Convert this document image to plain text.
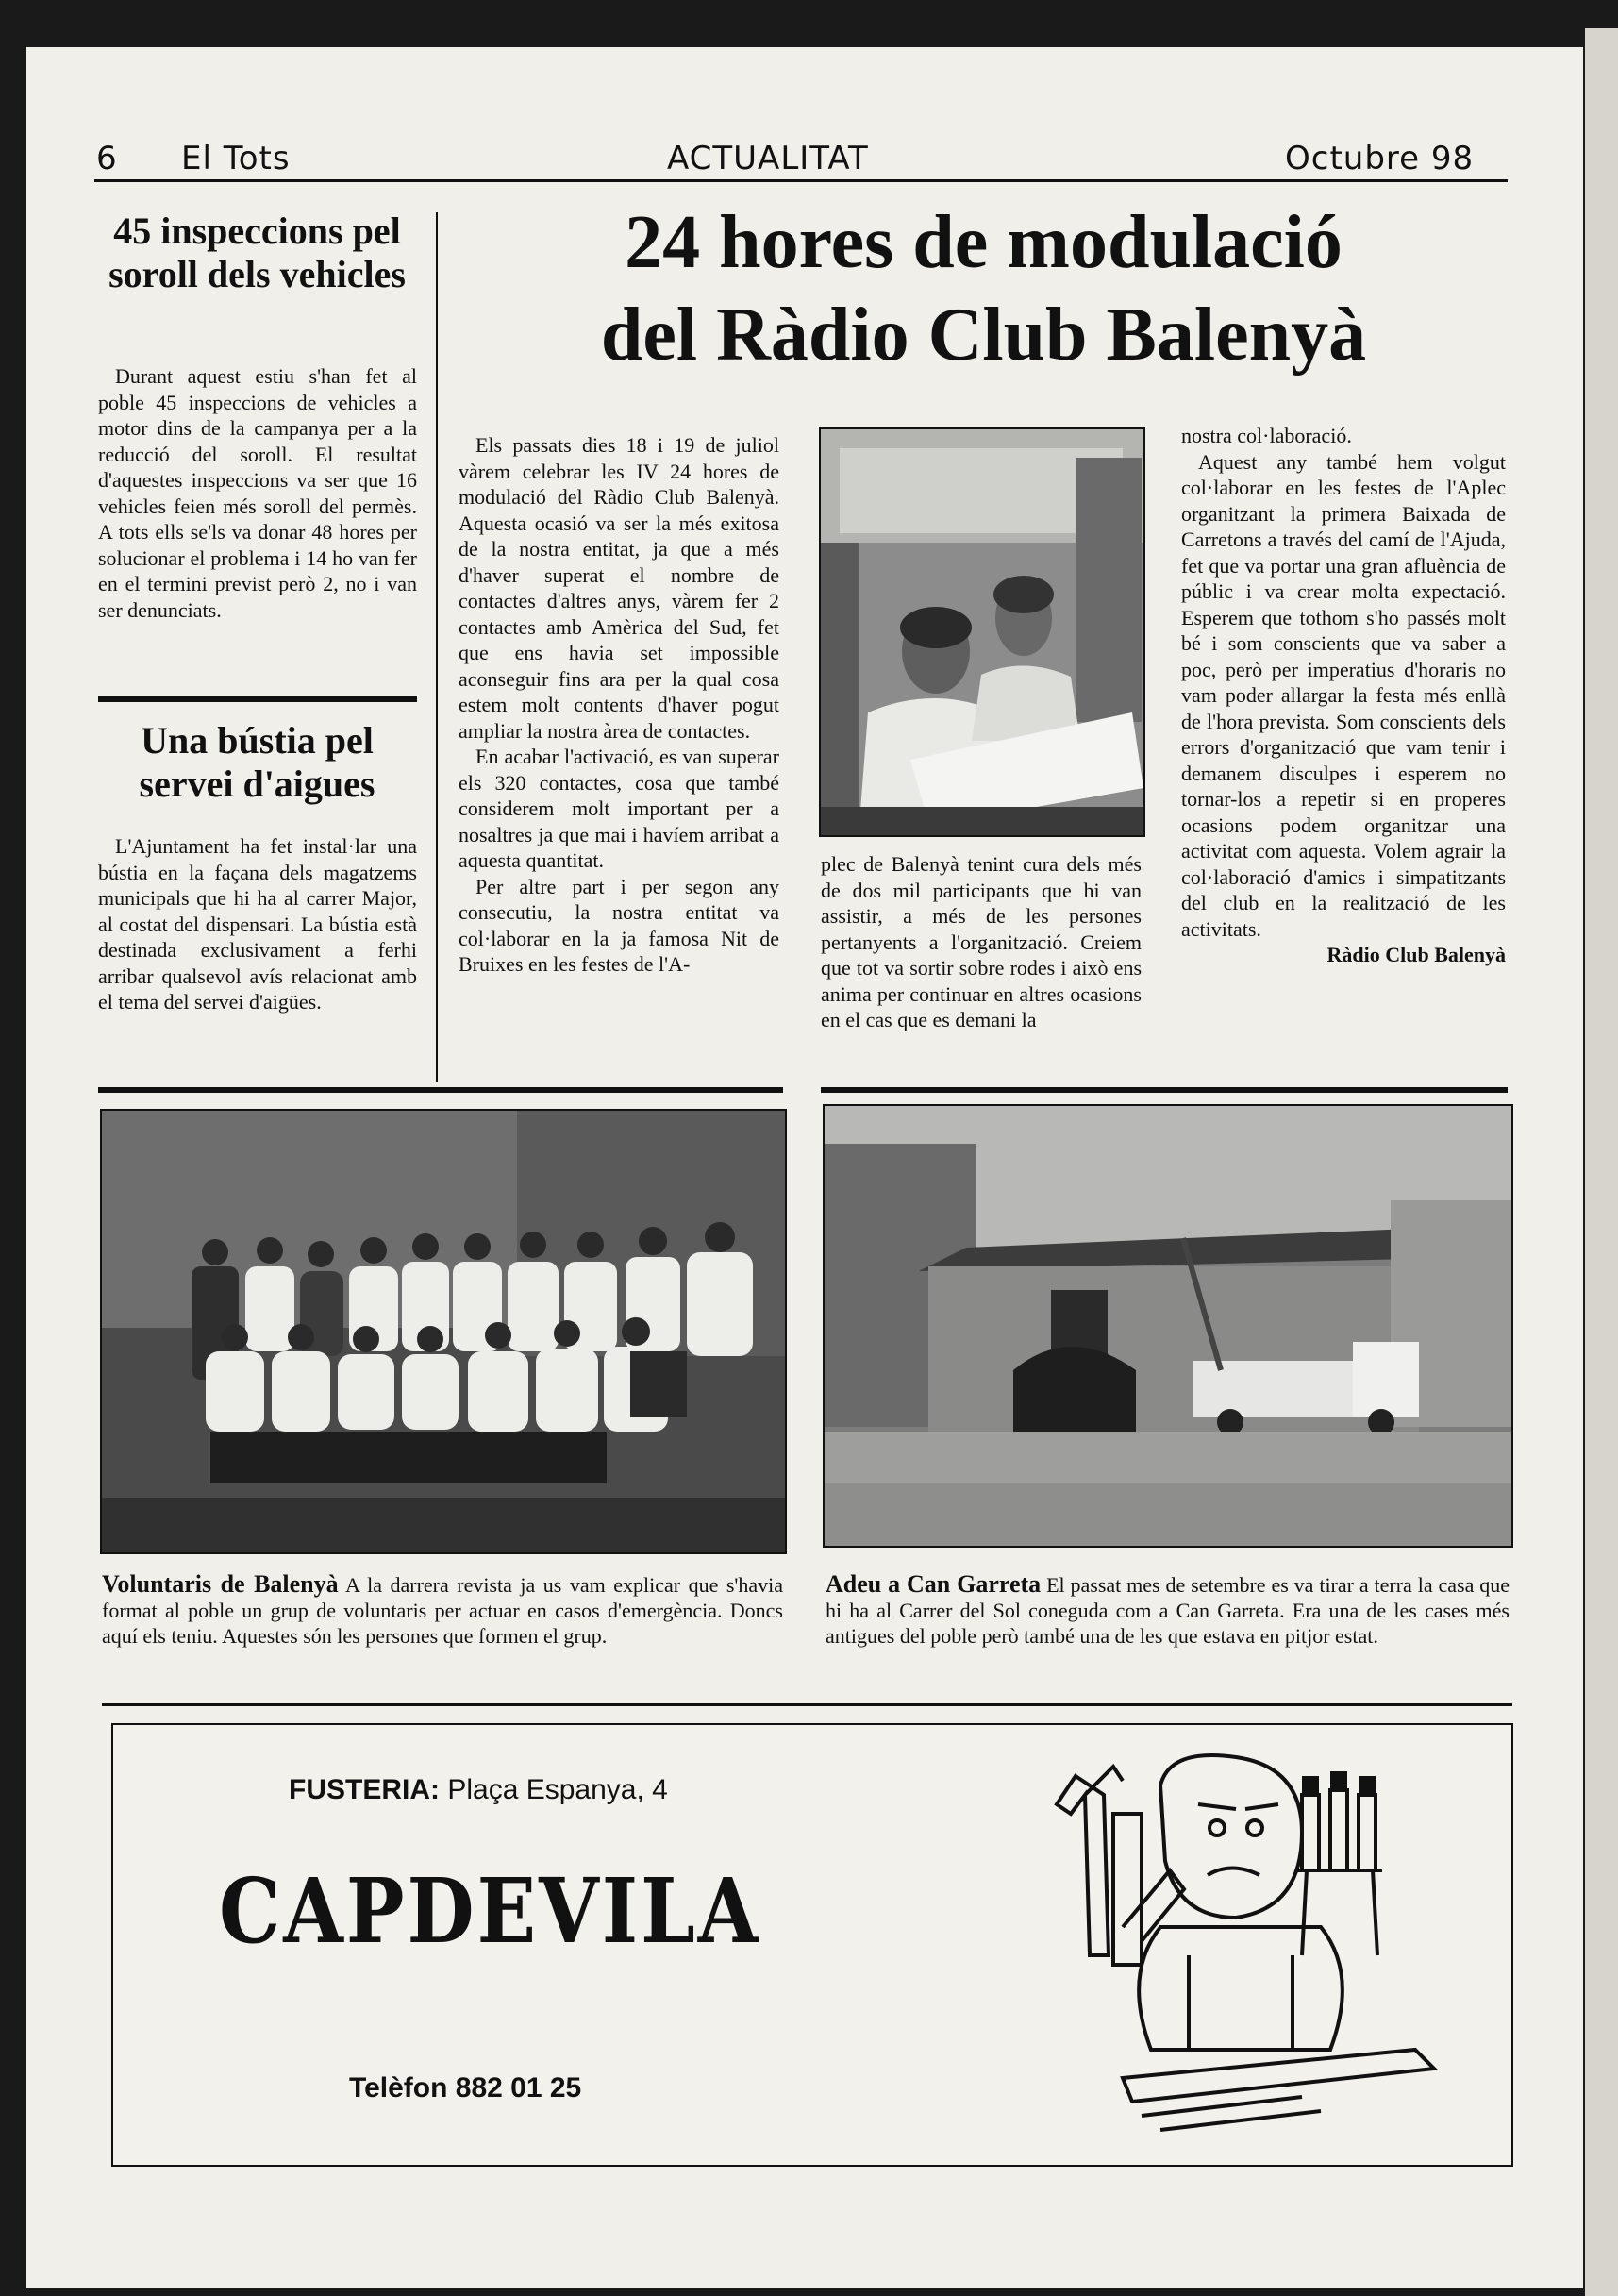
6 El Tots	ACTUALITAT	Octubre 98
45 inspeccions pel soroll dels vehicles

Durant aquest estiu s'han fet al poble 45 inspeccions de vehicles a motor dins de la campanya per a la reducció del soroll. El resultat d'aquestes inspeccions va ser que 16 vehicles feien més soroll del permès. A tots ells se'ls va donar 48 hores per solucionar el problema i 14 ho van fer en el termini previst però 2, no i van ser denunciats.

Una bústia pel servei d'aigues

L'Ajuntament ha fet instal·lar una bústia en la façana dels magatzems municipals que hi ha al carrer Major, al costat del dispensari. La bústia està destinada exclusivament a ferhi arribar qualsevol avís relacionat amb el tema del servei d'aigües.

24 hores de modulació
del Ràdio Club Balenyà

Els passats dies 18 i 19 de juliol vàrem celebrar les IV 24 hores de modulació del Ràdio Club Balenyà. Aquesta ocasió va ser la més exitosa de la nostra entitat, ja que a més d'haver superat el nombre de contactes d'altres anys, vàrem fer 2 contactes amb Amèrica del Sud, fet que ens havia set impossible aconseguir fins ara per la qual cosa estem molt contents d'haver pogut ampliar la nostra àrea de contactes.

En acabar l'activació, es van superar els 320 contactes, cosa que també considerem molt important per a nosaltres ja que mai i havíem arribat a aquesta quantitat.

Per altre part i per segon any consecutiu, la nostra entitat va col·laborar en la ja famosa Nit de Bruixes en les festes de l'A-

plec de Balenyà tenint cura dels més de dos mil participants que hi van assistir, a més de les persones pertanyents a l'organització. Creiem que tot va sortir sobre rodes i això ens anima per continuar en altres ocasions en el cas que es demani la

nostra col·laboració.

Aquest any també hem volgut col·laborar en les festes de l'Aplec organitzant la primera Baixada de Carretons a través del camí de l'Ajuda, fet que va portar una gran afluència de públic i va crear molta expectació. Esperem que tothom s'ho passés molt bé i som conscients que va saber a poc, però per imperatius d'horaris no vam poder allargar la festa més enllà de l'hora prevista. Som conscients dels errors d'organització que vam tenir i demanem disculpes i esperem no tornar-los a repetir si en properes ocasions podem organitzar una activitat com aquesta. Volem agrair la col·laboració d'amics i simpatitzants del club en la realització de les activitats.

Ràdio Club Balenyà

Voluntaris de Balenyà A la darrera revista ja us vam explicar que s'havia format al poble un grup de voluntaris per actuar en casos d'emergència. Doncs aquí els teniu. Aquestes són les persones que formen el grup.
Adeu a Can Garreta El passat mes de setembre es va tirar a terra la casa que hi ha al Carrer del Sol coneguda com a Can Garreta. Era una de les cases més antigues del poble però també una de les que estava en pitjor estat.
FUSTERIA: Plaça Espanya, 4
CAPDEVILA
Telèfon 882 01 25
